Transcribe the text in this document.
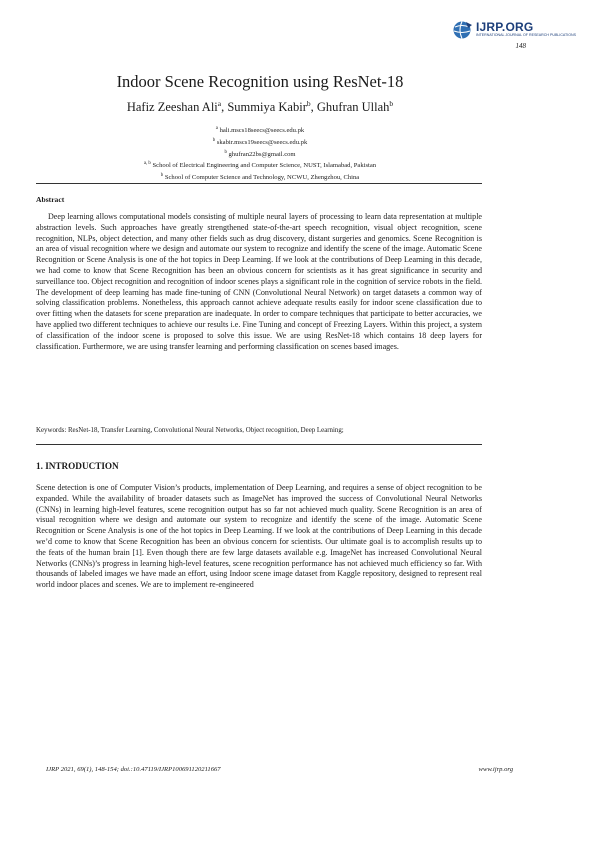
IJRP.ORG
INTERNATIONAL JOURNAL OF RESEARCH PUBLICATIONS
148
Indoor Scene Recognition using ResNet-18
Hafiz Zeeshan Ali$^a$, Summiya Kabir$^b$, Ghufran Ullah$^b$
$^a$ hali.mscs18seecs@seecs.edu.pk
$^b$ skabir.mscs19seecs@seecs.edu.pk
$^b$ ghufran22bs@gmail.com
$^{a, b}$ School of Electrical Engineering and Computer Science, NUST, Islamabad, Pakistan
$^b$ School of Computer Science and Technology, NCWU, Zhengzhou, China
Abstract

Deep learning allows computational models consisting of multiple neural layers of processing to learn data representation at multiple abstraction levels. Such approaches have greatly strengthened state-of-the-art speech recognition, visual object recognition, scene recognition, NLPs, object detection, and many other fields such as drug discovery, distant surgeries and genomics. Scene Recognition is an area of visual recognition where we design and automate our system to recognize and identify the scene of the image. Automatic Scene Recognition or Scene Analysis is one of the hot topics in Deep Learning. If we look at the contributions of Deep Learning in this decade, we had come to know that Scene Recognition has been an obvious concern for scientists as it has great significance in security and surveillance too. Object recognition and recognition of indoor scenes plays a significant role in the cognition of service robots in the field. The development of deep learning has made fine-tuning of CNN (Convolutional Neural Network) on target datasets a common way of solving classification problems. Nonetheless, this approach cannot achieve adequate results easily for indoor scene classification due to over fitting when the datasets for scene preparation are inadequate. In order to compare techniques that participate to better accuracies, we have applied two different techniques to achieve our results i.e. Fine Tuning and concept of Freezing Layers. Within this project, a system of classification of the indoor scene is proposed to solve this issue. We are using ResNet-18 which contains 18 deep layers for classification. Furthermore, we are using transfer learning and performing classification on scenes based images.

Keywords: ResNet-18, Transfer Learning, Convolutional Neural Networks, Object recognition, Deep Learning;
1. INTRODUCTION

Scene detection is one of Computer Vision’s products, implementation of Deep Learning, and requires a sense of object recognition to be expanded. While the availability of broader datasets such as ImageNet has improved the success of Convolutional Neural Networks (CNNs) in learning high-level features, scene recognition output has so far not achieved much quality. Scene Recognition is an area of visual recognition where we design and automate our system to recognize and identify the scene of the image. Automatic Scene Recognition or Scene Analysis is one of the hot topics in Deep Learning. If we look at the contributions of Deep Learning in this decade we’d come to know that Scene Recognition has been an obvious concern for scientists. Our ultimate goal is to accomplish results up to the feats of the human brain [1]. Even though there are few large datasets available e.g. ImageNet has increased Convolutional Neural Networks (CNNs)’s progress in learning high-level features, scene recognition performance has not achieved much efficiency so far. With thousands of labeled images we have made an effort, using Indoor scene image dataset from Kaggle repository, designed to represent real world indoor places and scenes. We are to implement re-engineered

IJRP 2021, 69(1), 148-154; doi.:10.47119/IJRP100691120211667	www.ijrp.org
